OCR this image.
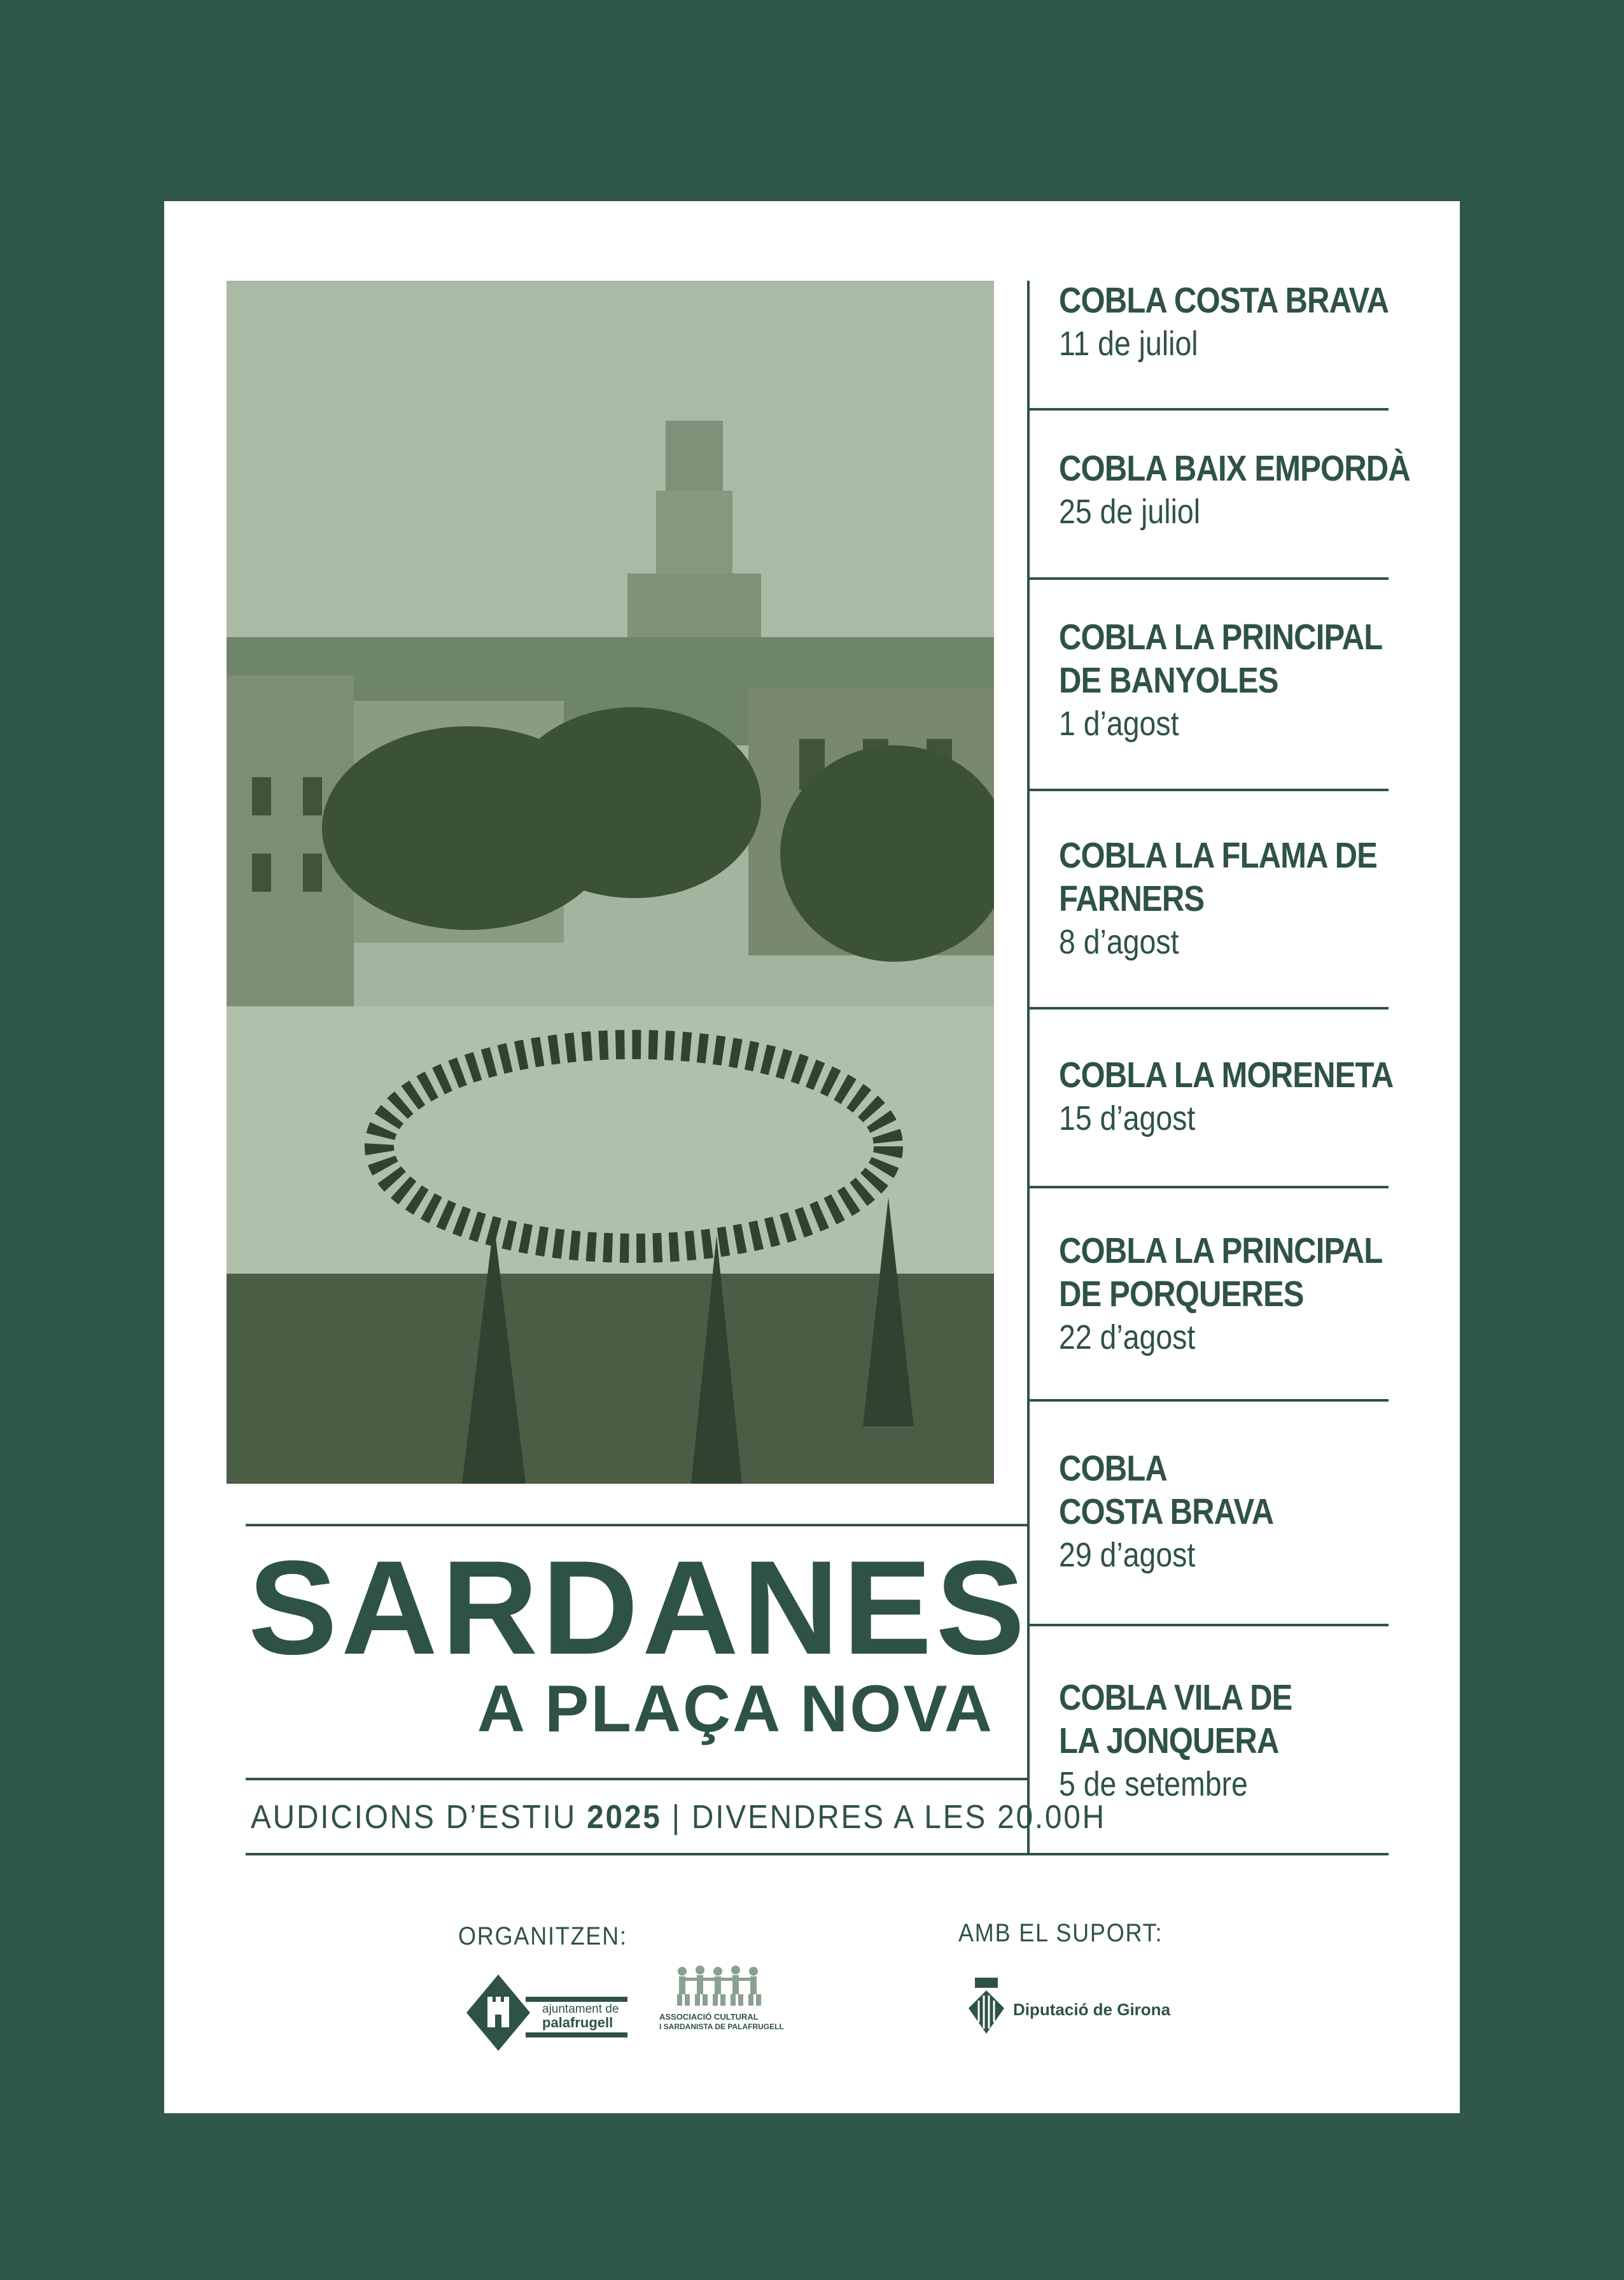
COBLA COSTA BRAVA
11 de juliol
COBLA BAIX EMPORDÀ
25 de juliol
COBLA LA PRINCIPAL
DE BANYOLES
1 d’agost
COBLA LA FLAMA DE
FARNERS
8 d’agost
COBLA LA MORENETA
15 d’agost
COBLA LA PRINCIPAL
DE PORQUERES
22 d’agost
COBLA
COSTA BRAVA
29 d’agost
COBLA VILA DE
LA JONQUERA
5 de setembre
SARDANES
A PLAÇA NOVA
AUDICIONS D’ESTIU 2025 | DIVENDRES A LES 20.00H
ORGANITZEN:	AMB EL SUPORT:
ajuntament de
palafrugell	ASSOCIACIÓ CULTURAL
I SARDANISTA DE PALAFRUGELL
Diputació de Girona
